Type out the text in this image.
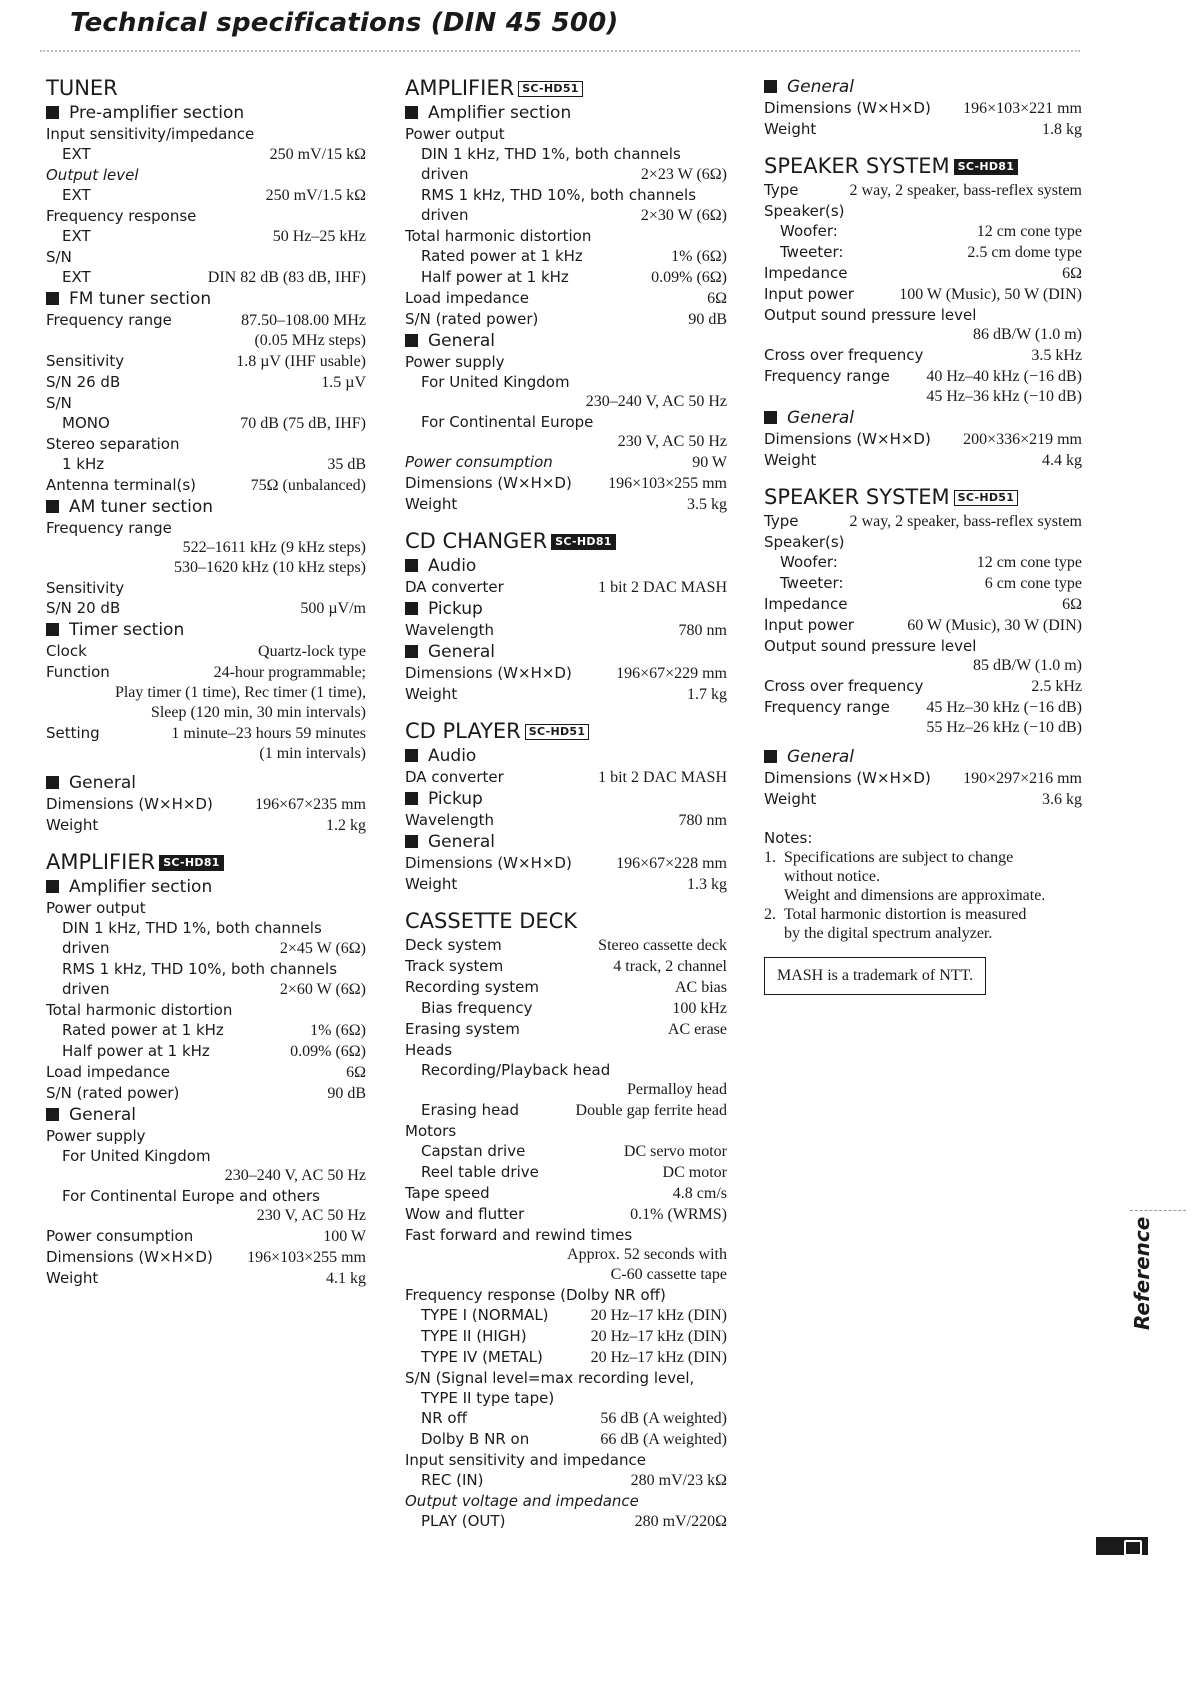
Technical specifications (DIN 45 500)
TUNER
Pre-amplifier section
Input sensitivity/impedance
EXT	250 mV/15 kΩ
Output level
EXT	250 mV/1.5 kΩ
Frequency response
EXT	50 Hz–25 kHz
S/N
EXT	DIN 82 dB (83 dB, IHF)
FM tuner section
Frequency range	87.50–108.00 MHz
(0.05 MHz steps)
Sensitivity	1.8 µV (IHF usable)
S/N 26 dB	1.5 µV
S/N
MONO	70 dB (75 dB, IHF)
Stereo separation
1 kHz	35 dB
Antenna terminal(s)	75Ω (unbalanced)
AM tuner section
Frequency range
522–1611 kHz (9 kHz steps)
530–1620 kHz (10 kHz steps)
Sensitivity
S/N 20 dB	500 µV/m
Timer section
Clock	Quartz-lock type
Function	24-hour programmable;
Play timer (1 time), Rec timer (1 time),
Sleep (120 min, 30 min intervals)
Setting	1 minute–23 hours 59 minutes
(1 min intervals)
General
Dimensions (W×H×D)	196×67×235 mm
Weight	1.2 kg
AMPLIFIER SC-HD81
Amplifier section
Power output
DIN 1 kHz, THD 1%, both channels
driven	2×45 W (6Ω)
RMS 1 kHz, THD 10%, both channels
driven	2×60 W (6Ω)
Total harmonic distortion
Rated power at 1 kHz	1% (6Ω)
Half power at 1 kHz	0.09% (6Ω)
Load impedance	6Ω
S/N (rated power)	90 dB
General
Power supply
For United Kingdom
230–240 V, AC 50 Hz
For Continental Europe and others
230 V, AC 50 Hz
Power consumption	100 W
Dimensions (W×H×D) 196×103×255 mm
Weight	4.1 kg
AMPLIFIER SC-HD51
Amplifier section
Power output
DIN 1 kHz, THD 1%, both channels
driven	2×23 W (6Ω)
RMS 1 kHz, THD 10%, both channels
driven	2×30 W (6Ω)
Total harmonic distortion
Rated power at 1 kHz	1% (6Ω)
Half power at 1 kHz	0.09% (6Ω)
Load impedance	6Ω
S/N (rated power)	90 dB
General
Power supply
For United Kingdom
230–240 V, AC 50 Hz
For Continental Europe
230 V, AC 50 Hz
Power consumption	90 W
Dimensions (W×H×D) 196×103×255 mm
Weight	3.5 kg
CD CHANGER SC-HD81
Audio
DA converter	1 bit 2 DAC MASH
Pickup
Wavelength	780 nm
General
Dimensions (W×H×D)	196×67×229 mm
Weight	1.7 kg
CD PLAYER SC-HD51
Audio
DA converter	1 bit 2 DAC MASH
Pickup
Wavelength	780 nm
General
Dimensions (W×H×D)	196×67×228 mm
Weight	1.3 kg
CASSETTE DECK
Deck system	Stereo cassette deck
Track system	4 track, 2 channel
Recording system	AC bias
Bias frequency	100 kHz
Erasing system	AC erase
Heads
Recording/Playback head
Permalloy head
Erasing head	Double gap ferrite head
Motors
Capstan drive	DC servo motor
Reel table drive	DC motor
Tape speed	4.8 cm/s
Wow and flutter	0.1% (WRMS)
Fast forward and rewind times
Approx. 52 seconds with
C-60 cassette tape
Frequency response (Dolby NR off)
TYPE I (NORMAL)	20 Hz–17 kHz (DIN)
TYPE II (HIGH)	20 Hz–17 kHz (DIN)
TYPE IV (METAL)	20 Hz–17 kHz (DIN)
S/N (Signal level=max recording level,
TYPE II type tape)
NR off	56 dB (A weighted)
Dolby B NR on	66 dB (A weighted)
Input sensitivity and impedance
REC (IN)	280 mV/23 kΩ
Output voltage and impedance
PLAY (OUT)	280 mV/220Ω
General
Dimensions (W×H×D) 196×103×221 mm
Weight	1.8 kg
SPEAKER SYSTEM SC-HD81
Type	2 way, 2 speaker, bass-reflex system
Speaker(s)
Woofer:	12 cm cone type
Tweeter:	2.5 cm dome type
Impedance	6Ω
Input power	100 W (Music), 50 W (DIN)
Output sound pressure level
86 dB/W (1.0 m)
Cross over frequency	3.5 kHz
Frequency range 40 Hz–40 kHz (−16 dB)
45 Hz–36 kHz (−10 dB)
General
Dimensions (W×H×D) 200×336×219 mm
Weight	4.4 kg
SPEAKER SYSTEM SC-HD51
Type	2 way, 2 speaker, bass-reflex system
Speaker(s)
Woofer:	12 cm cone type
Tweeter:	6 cm cone type
Impedance	6Ω
Input power	60 W (Music), 30 W (DIN)
Output sound pressure level
85 dB/W (1.0 m)
Cross over frequency	2.5 kHz
Frequency range 45 Hz–30 kHz (−16 dB)
55 Hz–26 kHz (−10 dB)
General
Dimensions (W×H×D) 190×297×216 mm
Weight	3.6 kg
Notes:
1. Specifications are subject to change
without notice.
Weight and dimensions are approximate.
2. Total harmonic distortion is measured
by the digital spectrum analyzer.
MASH is a trademark of NTT.
Reference
